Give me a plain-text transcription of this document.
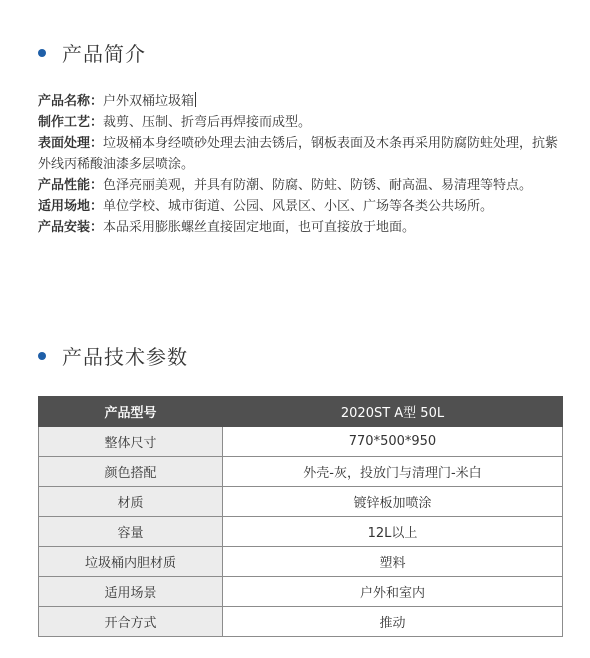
产品简介

产品名称：户外双桶垃圾箱

制作工艺：裁剪、压制、折弯后再焊接而成型。

表面处理：垃圾桶本身经喷砂处理去油去锈后，钢板表面及木条再采用防腐防蛀处理，抗紫外线丙稀酸油漆多层喷涂。

产品性能：色泽亮丽美观，并具有防潮、防腐、防蛀、防锈、耐高温、易清理等特点。

适用场地：单位学校、城市街道、公园、风景区、小区、广场等各类公共场所。

产品安装：本品采用膨胀螺丝直接固定地面，也可直接放于地面。

产品技术参数
产品型号	2020ST A型 50L
整体尺寸	770*500*950
颜色搭配	外壳-灰，投放门与清理门-米白
材质	镀锌板加喷涂
容量	12L以上
垃圾桶内胆材质	塑料
适用场景	户外和室内
开合方式	推动
